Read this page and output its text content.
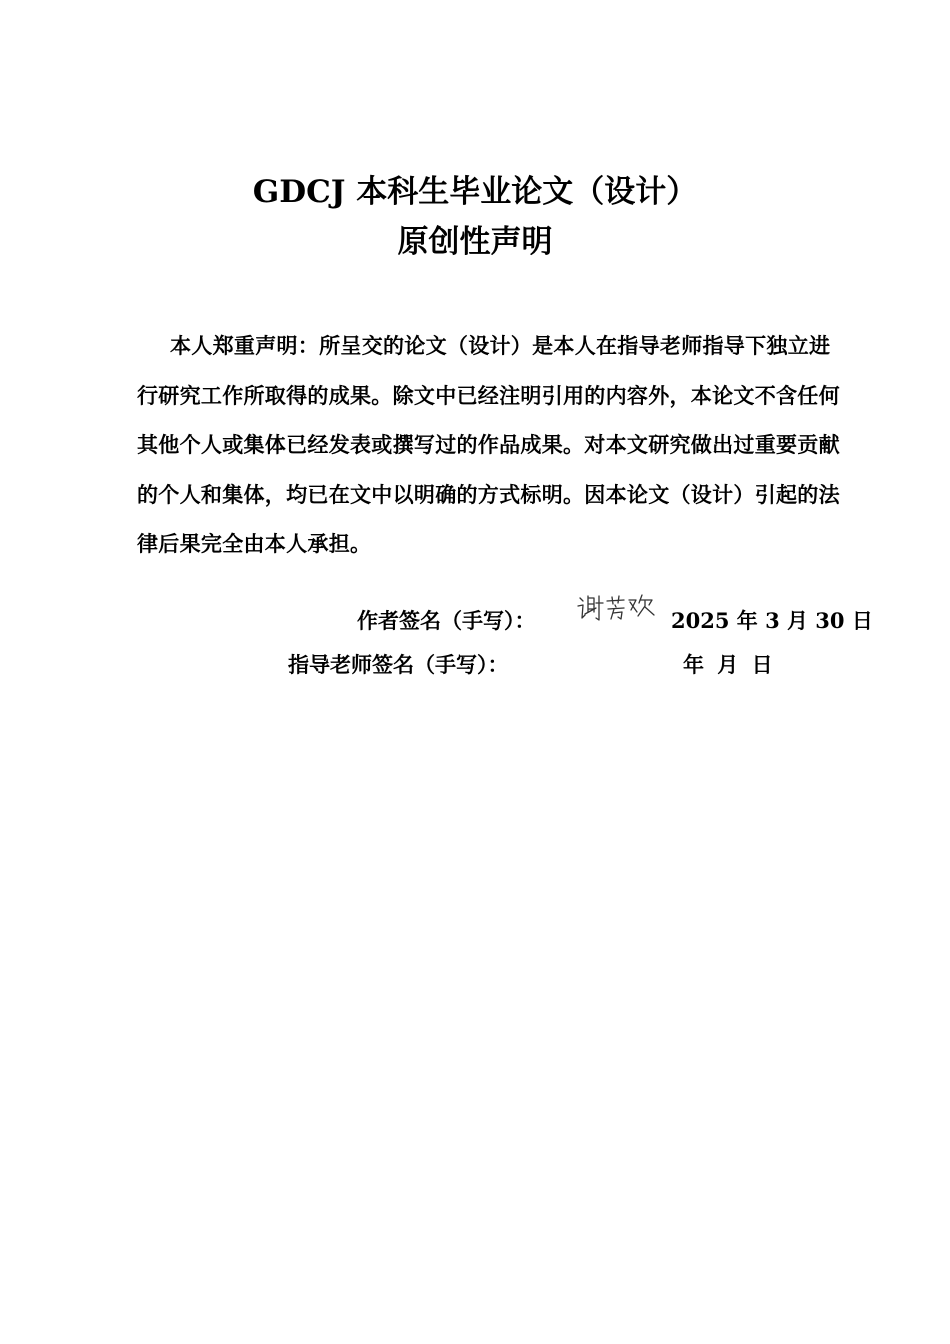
GDCJ 本科生毕业论文（设计）
原创性声明

本人郑重声明：所呈交的论文（设计）是本人在指导老师指导下独立进行研究工作所取得的成果。除文中已经注明引用的内容外，本论文不含任何其他个人或集体已经发表或撰写过的作品成果。对本文研究做出过重要贡献的个人和集体，均已在文中以明确的方式标明。因本论文（设计）引起的法律后果完全由本人承担。

作者签名（手写）：	2025 年 3 月 30 日
指导老师签名（手写）：	年 月 日
